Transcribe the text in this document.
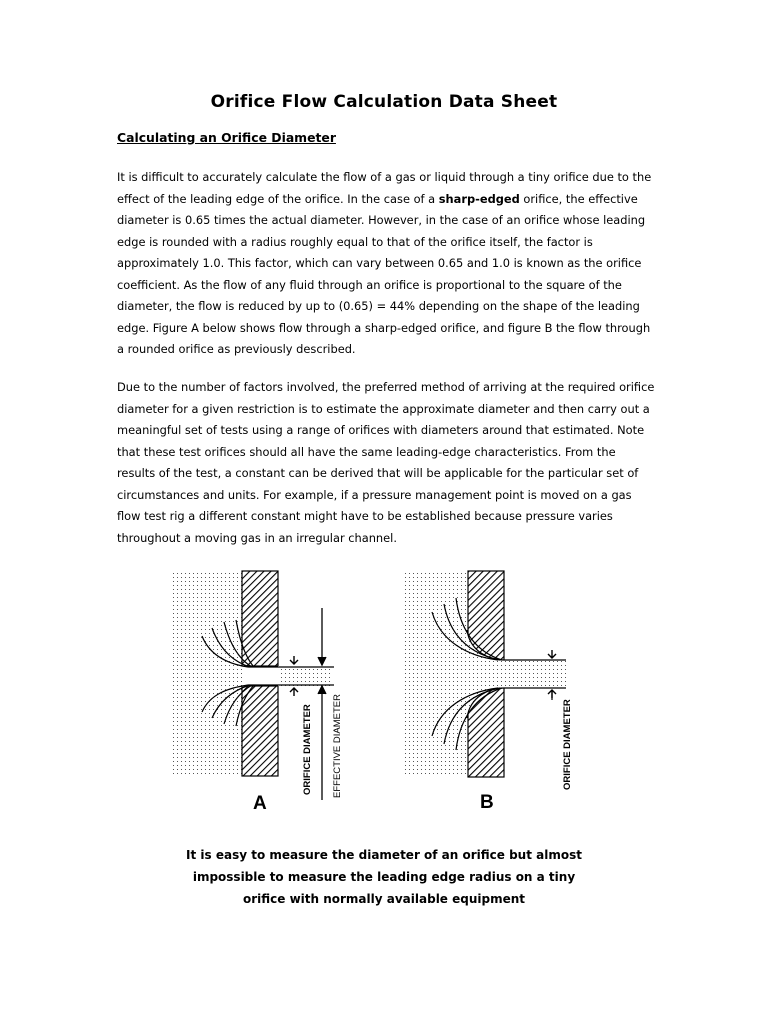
Orifice Flow Calculation Data Sheet
Calculating an Orifice Diameter
It is difficult to accurately calculate the flow of a gas or liquid through a tiny orifice due to the effect of the leading edge of the orifice. In the case of a sharp-edged orifice, the effective diameter is 0.65 times the actual diameter. However, in the case of an orifice whose leading edge is rounded with a radius roughly equal to that of the orifice itself, the factor is approximately 1.0. This factor, which can vary between 0.65 and 1.0 is known as the orifice coefficient. As the flow of any fluid through an orifice is proportional to the square of the diameter, the flow is reduced by up to (0.65) = 44% depending on the shape of the leading edge. Figure A below shows flow through a sharp-edged orifice, and figure B the flow through a rounded orifice as previously described.
Due to the number of factors involved, the preferred method of arriving at the required orifice diameter for a given restriction is to estimate the approximate diameter and then carry out a meaningful set of tests using a range of orifices with diameters around that estimated. Note that these test orifices should all have the same leading-edge characteristics. From the results of the test, a constant can be derived that will be applicable for the particular set of circumstances and units. For example, if a pressure management point is moved on a gas flow test rig a different constant might have to be established because pressure varies throughout a moving gas in an irregular channel.
ORIFICE DIAMETER EFFECTIVE DIAMETER
A
ORIFICE DIAMETER
B
It is easy to measure the diameter of an orifice but almost
impossible to measure the leading edge radius on a tiny
orifice with normally available equipment
